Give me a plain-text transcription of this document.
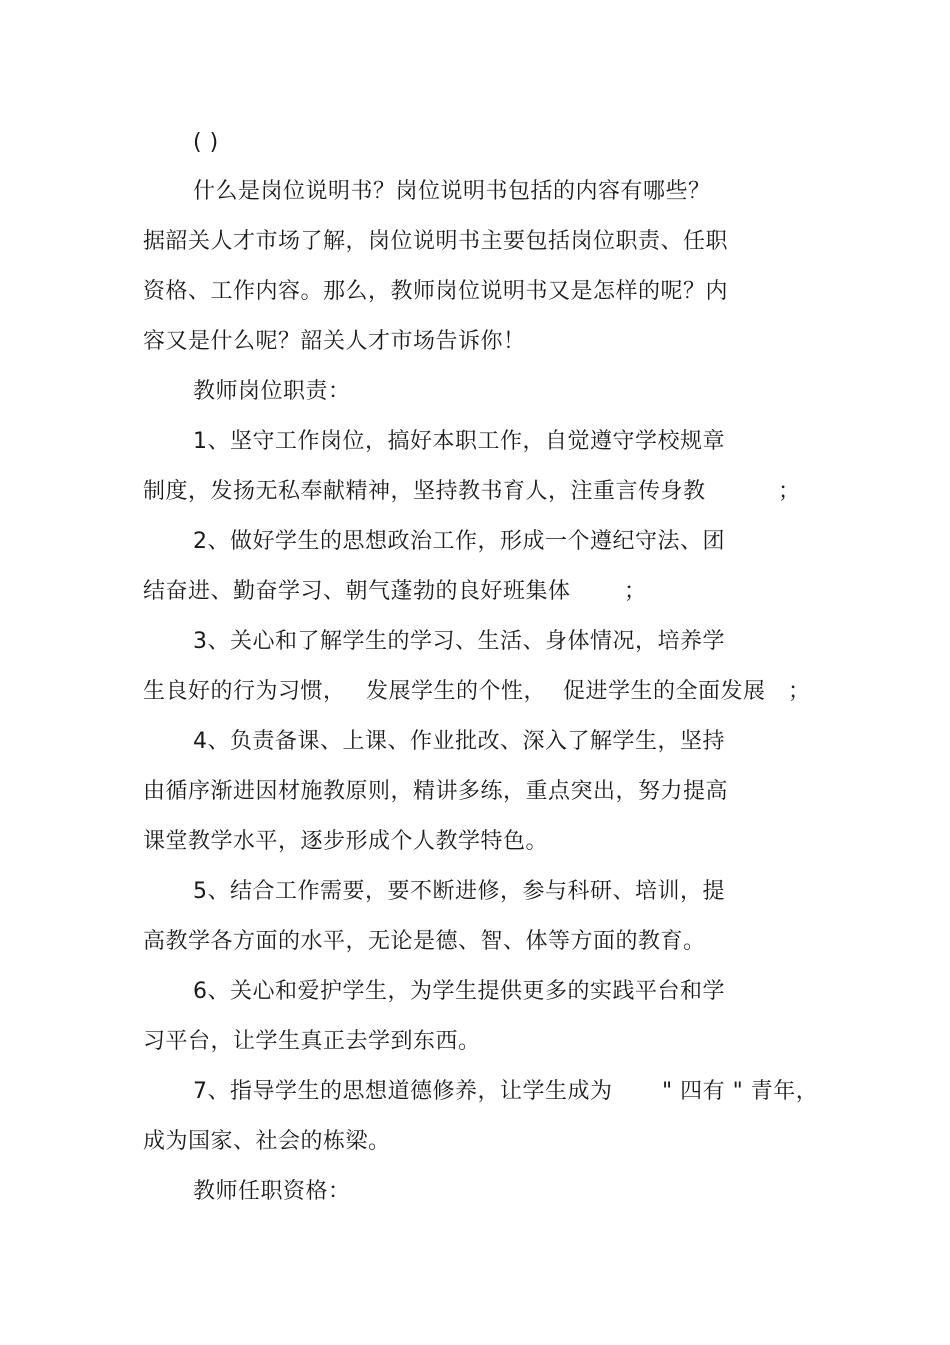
( )
什么是岗位说明书？岗位说明书包括的内容有哪些？
据韶关人才市场了解，岗位说明书主要包括岗位职责、任职
资格、工作内容。那么，教师岗位说明书又是怎样的呢？内
容又是什么呢？韶关人才市场告诉你！
教师岗位职责：
1、坚守工作岗位，搞好本职工作，自觉遵守学校规章
制度，发扬无私奉献精神，坚持教书育人，注重言传身教	；
2、做好学生的思想政治工作，形成一个遵纪守法、团
结奋进、勤奋学习、朝气蓬勃的良好班集体 ；
3、关心和了解学生的学习、生活、身体情况，培养学
生良好的行为习惯， 发展学生的个性， 促进学生的全面发展 ；
4、负责备课、上课、作业批改、深入了解学生，坚持
由循序渐进因材施教原则，精讲多练，重点突出，努力提高
课堂教学水平，逐步形成个人教学特色。
5、结合工作需要，要不断进修，参与科研、培训，提
高教学各方面的水平，无论是德、智、体等方面的教育。
6、关心和爱护学生，为学生提供更多的实践平台和学
习平台，让学生真正去学到东西。
7、指导学生的思想道德修养，让学生成为 " 四有 " 青年，
成为国家、社会的栋梁。
教师任职资格：
